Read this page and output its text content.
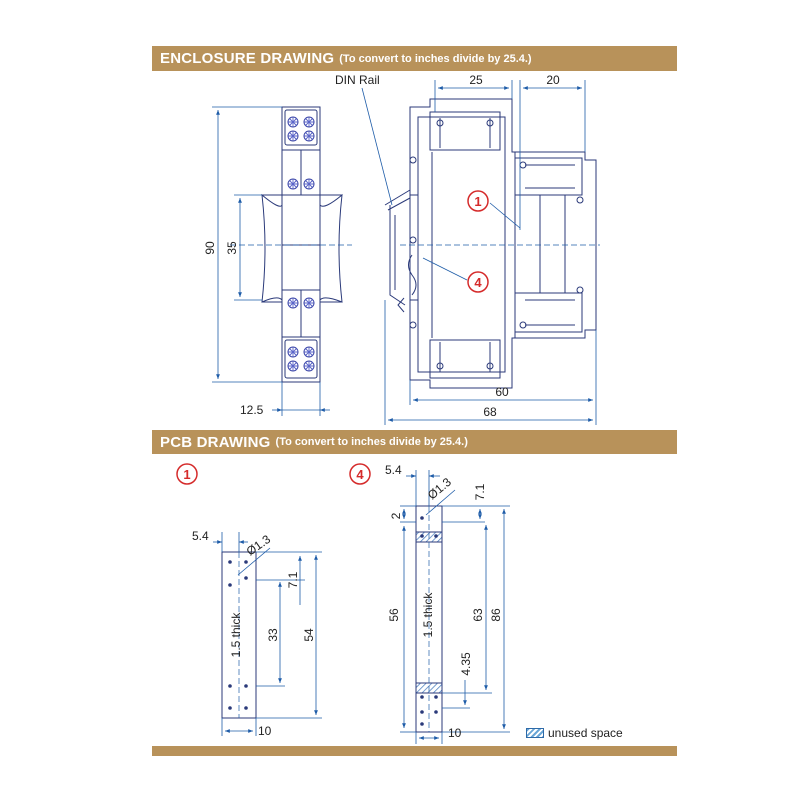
ENCLOSURE DRAWING (To convert to inches divide by 25.4.)
PCB DRAWING (To convert to inches divide by 25.4.)
90 35
12.5
25	20
60
68
DIN Rail
1
4
1
5.4	Ø1.3
7.1
1.5 thick 33 54
10
4 5.4
Ø1.3 7.1
2
56 1.5 thick	63 86
4.35
10	unused space
